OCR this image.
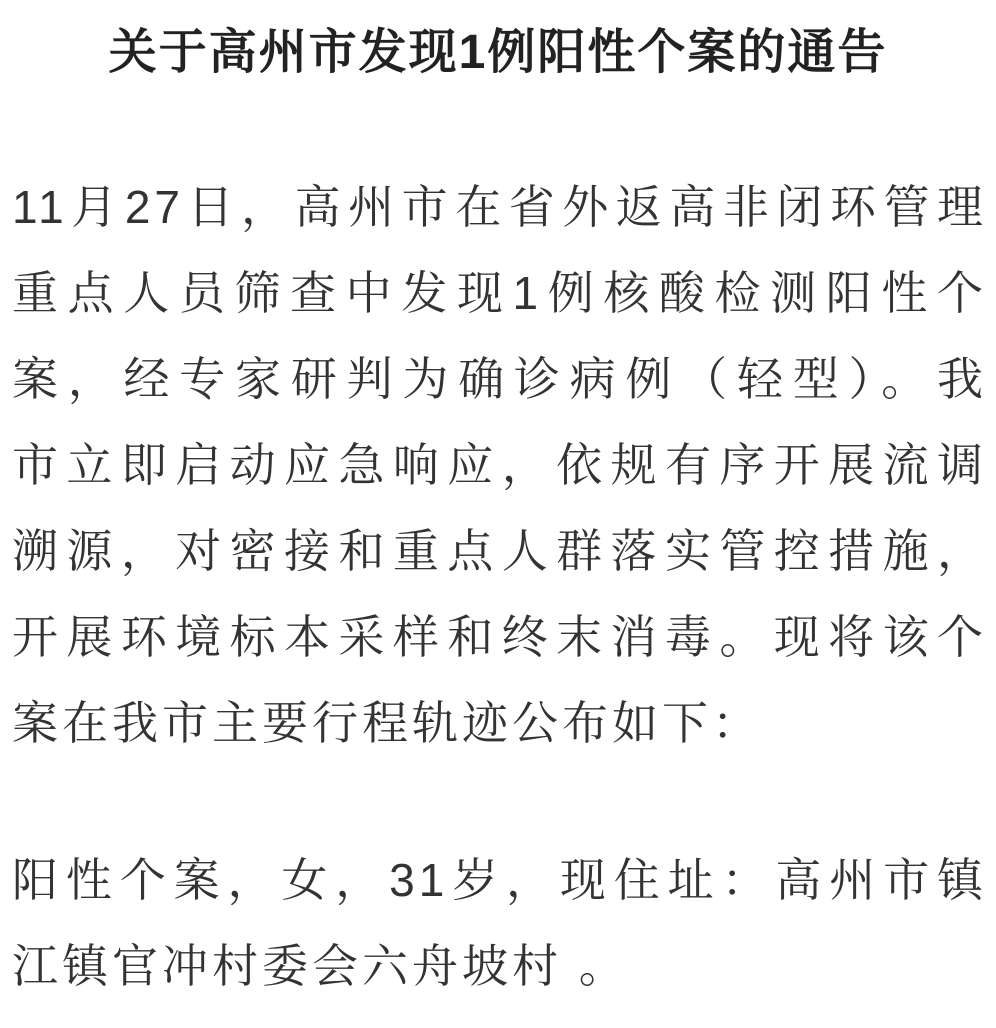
关于高州市发现1例阳性个案的通告
11月27日，高州市在省外返高非闭环管理
重点人员筛查中发现1例核酸检测阳性个
案，经专家研判为确诊病例（轻型）。我
市立即启动应急响应，依规有序开展流调
溯源，对密接和重点人群落实管控措施，
开展环境标本采样和终末消毒。现将该个
案在我市主要行程轨迹公布如下：
阳性个案，女，31岁，现住址：高州市镇
江镇官冲村委会六舟坡村 。
